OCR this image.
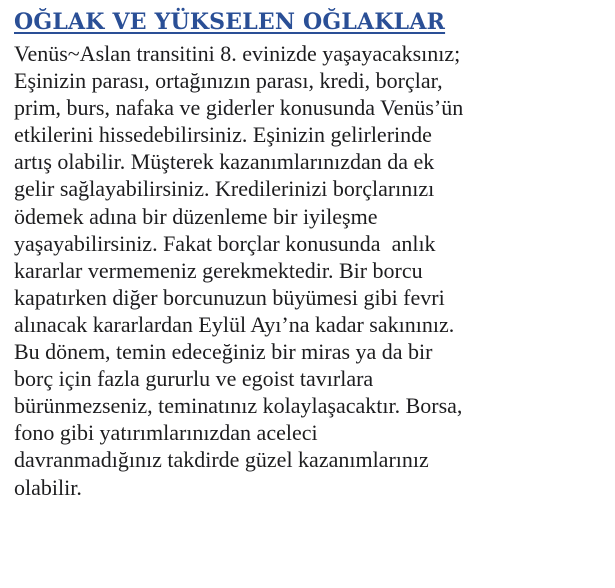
OĞLAK VE YÜKSELEN OĞLAKLAR
Venüs~Aslan transitini 8. evinizde yaşayacaksınız;
Eşinizin parası, ortağınızın parası, kredi, borçlar,
prim, burs, nafaka ve giderler konusunda Venüs’ün
etkilerini hissedebilirsiniz. Eşinizin gelirlerinde
artış olabilir. Müşterek kazanımlarınızdan da ek
gelir sağlayabilirsiniz. Kredilerinizi borçlarınızı
ödemek adına bir düzenleme bir iyileşme
yaşayabilirsiniz. Fakat borçlar konusunda  anlık
kararlar vermemeniz gerekmektedir. Bir borcu
kapatırken diğer borcunuzun büyümesi gibi fevri
alınacak kararlardan Eylül Ayı’na kadar sakınınız.
Bu dönem, temin edeceğiniz bir miras ya da bir
borç için fazla gururlu ve egoist tavırlara
bürünmezseniz, teminatınız kolaylaşacaktır. Borsa,
fono gibi yatırımlarınızdan aceleci
davranmadığınız takdirde güzel kazanımlarınız
olabilir.
